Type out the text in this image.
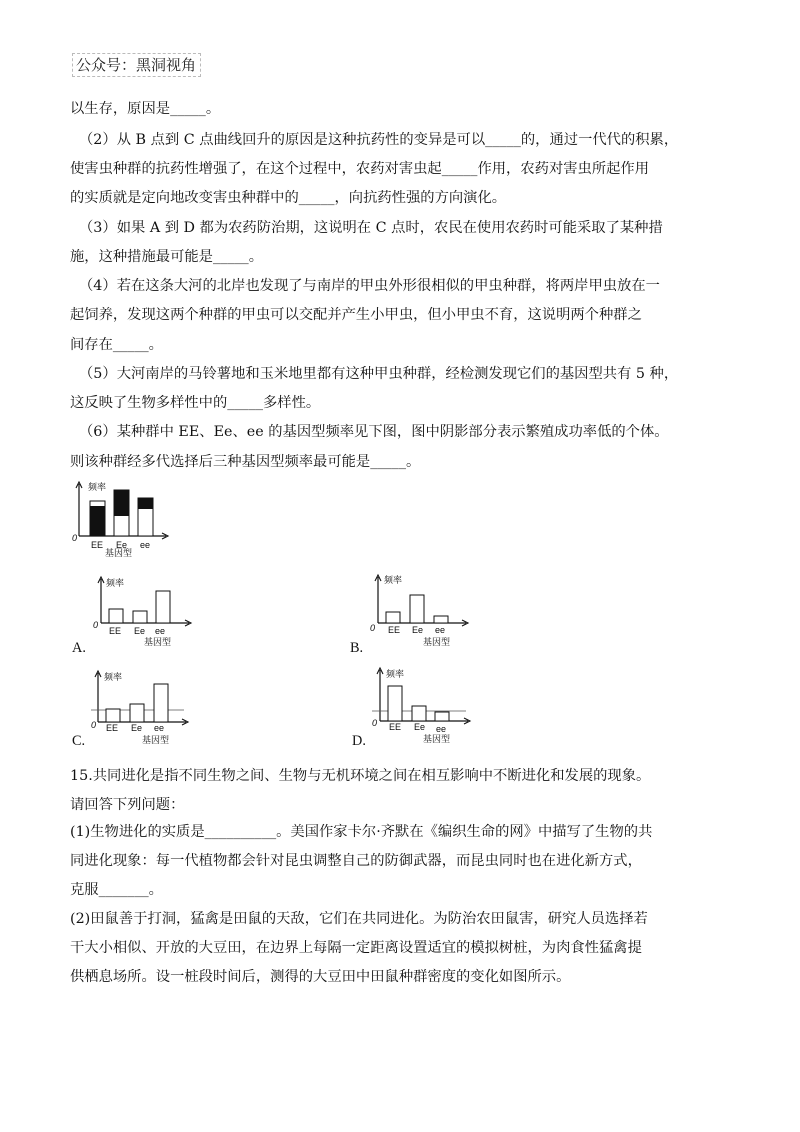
公众号：黑洞视角
以生存，原因是_____。
（2）从 B 点到 C 点曲线回升的原因是这种抗药性的变异是可以_____的，通过一代代的积累，
使害虫种群的抗药性增强了，在这个过程中，农药对害虫起_____作用，农药对害虫所起作用
的实质就是定向地改变害虫种群中的_____，向抗药性强的方向演化。
（3）如果 A 到 D 都为农药防治期，这说明在 C 点时，农民在使用农药时可能采取了某种措
施，这种措施最可能是_____。
（4）若在这条大河的北岸也发现了与南岸的甲虫外形很相似的甲虫种群，将两岸甲虫放在一
起饲养，发现这两个种群的甲虫可以交配并产生小甲虫，但小甲虫不育，这说明两个种群之
间存在_____。
（5）大河南岸的马铃薯地和玉米地里都有这种甲虫种群，经检测发现它们的基因型共有 5 种，
这反映了生物多样性中的_____多样性。
（6）某种群中 EE、Ee、ee 的基因型频率见下图，图中阴影部分表示繁殖成功率低的个体。
则该种群经多代选择后三种基因型频率最可能是_____。
频率
0
EE Ee ee
基因型
频率
0
EE Ee ee
基因型
A.
频率
0 EE Ee ee
基因型
B.
频率
0 EE Ee ee
基因型
C.
频率
0 EE Ee ee
基因型
D.
15.共同进化是指不同生物之间、生物与无机环境之间在相互影响中不断进化和发展的现象。
请回答下列问题：
(1)生物进化的实质是__________。美国作家卡尔·齐默在《编织生命的网》中描写了生物的共
同进化现象：每一代植物都会针对昆虫调整自己的防御武器，而昆虫同时也在进化新方式，
克服_______。
(2)田鼠善于打洞，猛禽是田鼠的天敌，它们在共同进化。为防治农田鼠害，研究人员选择若
干大小相似、开放的大豆田，在边界上每隔一定距离设置适宜的模拟树桩，为肉食性猛禽提
供栖息场所。设一桩段时间后，测得的大豆田中田鼠种群密度的变化如图所示。
